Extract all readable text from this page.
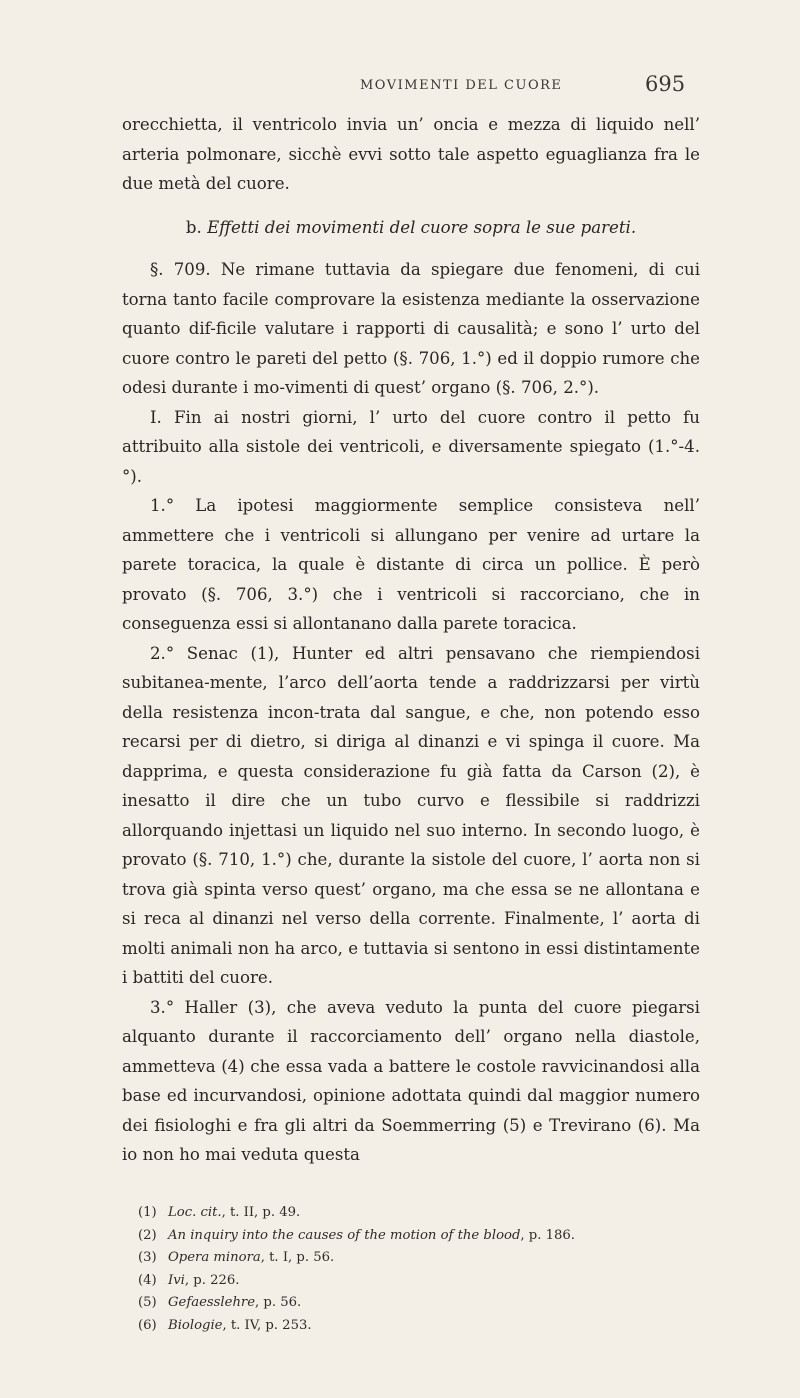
MOVIMENTI DEL CUORE	695

orecchietta, il ventricolo invia un’ oncia e mezza di liquido nell’ arteria polmonare, sicchè evvi sotto tale aspetto eguaglianza fra le due metà del cuore.

b. Effetti dei movimenti del cuore sopra le sue pareti.

§. 709. Ne rimane tuttavia da spiegare due fenomeni, di cui torna tanto facile comprovare la esistenza mediante la osservazione quanto dif-ficile valutare i rapporti di causalità; e sono l’ urto del cuore contro le pareti del petto (§. 706, 1.°) ed il doppio rumore che odesi durante i mo-vimenti di quest’ organo (§. 706, 2.°).

I. Fin ai nostri giorni, l’ urto del cuore contro il petto fu attribuito alla sistole dei ventricoli, e diversamente spiegato (1.°-4.°).

1.° La ipotesi maggiormente semplice consisteva nell’ ammettere che i ventricoli si allungano per venire ad urtare la parete toracica, la quale è distante di circa un pollice. È però provato (§. 706, 3.°) che i ventricoli si raccorciano, che in conseguenza essi si allontanano dalla parete toracica.

2.° Senac (1), Hunter ed altri pensavano che riempiendosi subitanea-mente, l’arco dell’aorta tende a raddrizzarsi per virtù della resistenza incon-trata dal sangue, e che, non potendo esso recarsi per di dietro, si diriga al dinanzi e vi spinga il cuore. Ma dapprima, e questa considerazione fu già fatta da Carson (2), è inesatto il dire che un tubo curvo e flessibile si raddrizzi allorquando injettasi un liquido nel suo interno. In secondo luogo, è provato (§. 710, 1.°) che, durante la sistole del cuore, l’ aorta non si trova già spinta verso quest’ organo, ma che essa se ne allontana e si reca al dinanzi nel verso della corrente. Finalmente, l’ aorta di molti animali non ha arco, e tuttavia si sentono in essi distintamente i battiti del cuore.

3.° Haller (3), che aveva veduto la punta del cuore piegarsi alquanto durante il raccorciamento dell’ organo nella diastole, ammetteva (4) che essa vada a battere le costole ravvicinandosi alla base ed incurvandosi, opinione adottata quindi dal maggior numero dei fisiologhi e fra gli altri da Soemmerring (5) e Trevirano (6). Ma io non ho mai veduta questa

(1) Loc. cit., t. II, p. 49.
(2) An inquiry into the causes of the motion of the blood, p. 186.
(3) Opera minora, t. I, p. 56.
(4) Ivi, p. 226.
(5) Gefaesslehre, p. 56.
(6) Biologie, t. IV, p. 253.
